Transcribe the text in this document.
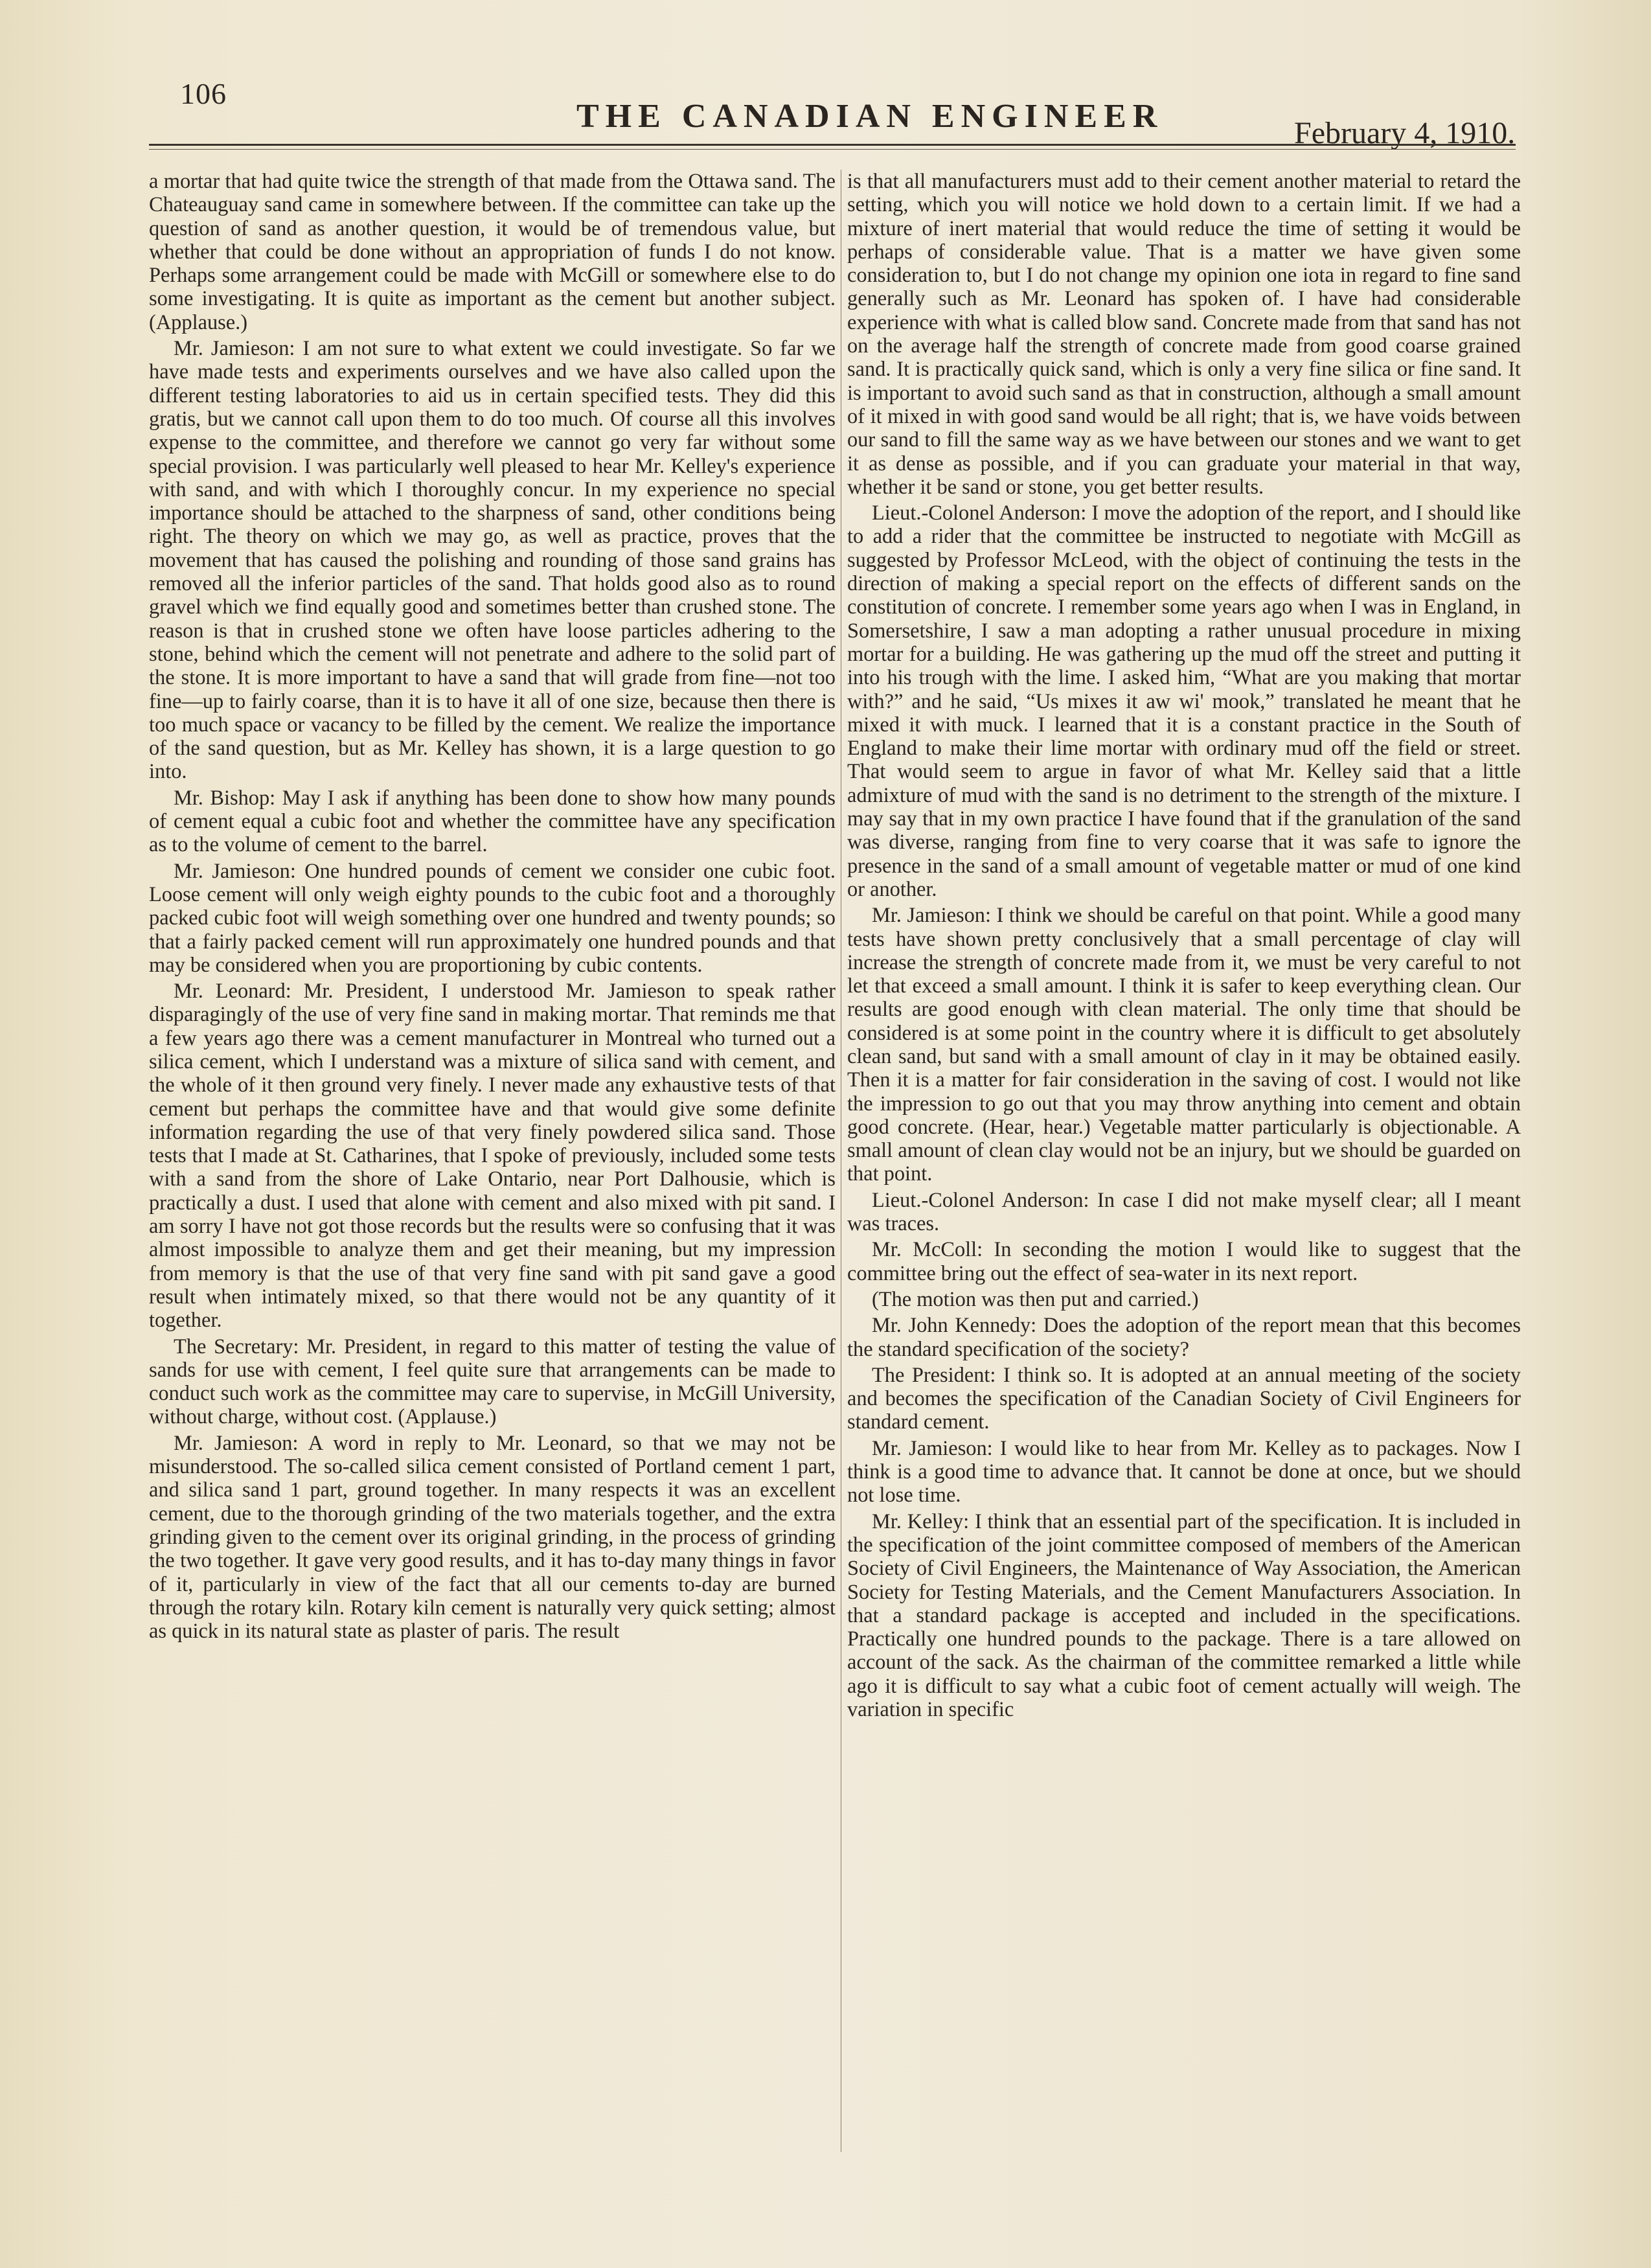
106
THE CANADIAN ENGINEER	February 4, 1910.

a mortar that had quite twice the strength of that made from the Ottawa sand. The Chateauguay sand came in somewhere between. If the committee can take up the question of sand as another question, it would be of tremendous value, but whether that could be done without an appropriation of funds I do not know. Perhaps some arrangement could be made with McGill or somewhere else to do some investigating. It is quite as important as the cement but another subject. (Applause.)

Mr. Jamieson: I am not sure to what extent we could investigate. So far we have made tests and experiments ourselves and we have also called upon the different testing laboratories to aid us in certain specified tests. They did this gratis, but we cannot call upon them to do too much. Of course all this involves expense to the committee, and therefore we cannot go very far without some special provision. I was particularly well pleased to hear Mr. Kelley's experience with sand, and with which I thoroughly concur. In my experience no special importance should be attached to the sharpness of sand, other conditions being right. The theory on which we may go, as well as practice, proves that the movement that has caused the polishing and rounding of those sand grains has removed all the inferior particles of the sand. That holds good also as to round gravel which we find equally good and sometimes better than crushed stone. The reason is that in crushed stone we often have loose particles adhering to the stone, behind which the cement will not penetrate and adhere to the solid part of the stone. It is more important to have a sand that will grade from fine—not too fine—up to fairly coarse, than it is to have it all of one size, because then there is too much space or vacancy to be filled by the cement. We realize the importance of the sand question, but as Mr. Kelley has shown, it is a large question to go into.

Mr. Bishop: May I ask if anything has been done to show how many pounds of cement equal a cubic foot and whether the committee have any specification as to the volume of cement to the barrel.

Mr. Jamieson: One hundred pounds of cement we consider one cubic foot. Loose cement will only weigh eighty pounds to the cubic foot and a thoroughly packed cubic foot will weigh something over one hundred and twenty pounds; so that a fairly packed cement will run approximately one hundred pounds and that may be considered when you are proportioning by cubic contents.

Mr. Leonard: Mr. President, I understood Mr. Jamieson to speak rather disparagingly of the use of very fine sand in making mortar. That reminds me that a few years ago there was a cement manufacturer in Montreal who turned out a silica cement, which I understand was a mixture of silica sand with cement, and the whole of it then ground very finely. I never made any exhaustive tests of that cement but perhaps the committee have and that would give some definite information regarding the use of that very finely powdered silica sand. Those tests that I made at St. Catharines, that I spoke of previously, included some tests with a sand from the shore of Lake Ontario, near Port Dalhousie, which is practically a dust. I used that alone with cement and also mixed with pit sand. I am sorry I have not got those records but the results were so confusing that it was almost impossible to analyze them and get their meaning, but my impression from memory is that the use of that very fine sand with pit sand gave a good result when intimately mixed, so that there would not be any quantity of it together.

The Secretary: Mr. President, in regard to this matter of testing the value of sands for use with cement, I feel quite sure that arrangements can be made to conduct such work as the committee may care to supervise, in McGill University, without charge, without cost. (Applause.)

Mr. Jamieson: A word in reply to Mr. Leonard, so that we may not be misunderstood. The so-called silica cement consisted of Portland cement 1 part, and silica sand 1 part, ground together. In many respects it was an excellent cement, due to the thorough grinding of the two materials together, and the extra grinding given to the cement over its original grinding, in the process of grinding the two together. It gave very good results, and it has to-day many things in favor of it, particularly in view of the fact that all our cements to-day are burned through the rotary kiln. Rotary kiln cement is naturally very quick setting; almost as quick in its natural state as plaster of paris. The result

is that all manufacturers must add to their cement another material to retard the setting, which you will notice we hold down to a certain limit. If we had a mixture of inert material that would reduce the time of setting it would be perhaps of considerable value. That is a matter we have given some consideration to, but I do not change my opinion one iota in regard to fine sand generally such as Mr. Leonard has spoken of. I have had considerable experience with what is called blow sand. Concrete made from that sand has not on the average half the strength of concrete made from good coarse grained sand. It is practically quick sand, which is only a very fine silica or fine sand. It is important to avoid such sand as that in construction, although a small amount of it mixed in with good sand would be all right; that is, we have voids between our sand to fill the same way as we have between our stones and we want to get it as dense as possible, and if you can graduate your material in that way, whether it be sand or stone, you get better results.

Lieut.-Colonel Anderson: I move the adoption of the report, and I should like to add a rider that the committee be instructed to negotiate with McGill as suggested by Professor McLeod, with the object of continuing the tests in the direction of making a special report on the effects of different sands on the constitution of concrete. I remember some years ago when I was in England, in Somersetshire, I saw a man adopting a rather unusual procedure in mixing mortar for a building. He was gathering up the mud off the street and putting it into his trough with the lime. I asked him, “What are you making that mortar with?” and he said, “Us mixes it aw wi' mook,” translated he meant that he mixed it with muck. I learned that it is a constant practice in the South of England to make their lime mortar with ordinary mud off the field or street. That would seem to argue in favor of what Mr. Kelley said that a little admixture of mud with the sand is no detriment to the strength of the mixture. I may say that in my own practice I have found that if the granulation of the sand was diverse, ranging from fine to very coarse that it was safe to ignore the presence in the sand of a small amount of vegetable matter or mud of one kind or another.

Mr. Jamieson: I think we should be careful on that point. While a good many tests have shown pretty conclusively that a small percentage of clay will increase the strength of concrete made from it, we must be very careful to not let that exceed a small amount. I think it is safer to keep everything clean. Our results are good enough with clean material. The only time that should be considered is at some point in the country where it is difficult to get absolutely clean sand, but sand with a small amount of clay in it may be obtained easily. Then it is a matter for fair consideration in the saving of cost. I would not like the impression to go out that you may throw anything into cement and obtain good concrete. (Hear, hear.) Vegetable matter particularly is objectionable. A small amount of clean clay would not be an injury, but we should be guarded on that point.

Lieut.-Colonel Anderson: In case I did not make myself clear; all I meant was traces.

Mr. McColl: In seconding the motion I would like to suggest that the committee bring out the effect of sea-water in its next report.

(The motion was then put and carried.)

Mr. John Kennedy: Does the adoption of the report mean that this becomes the standard specification of the society?

The President: I think so. It is adopted at an annual meeting of the society and becomes the specification of the Canadian Society of Civil Engineers for standard cement.

Mr. Jamieson: I would like to hear from Mr. Kelley as to packages. Now I think is a good time to advance that. It cannot be done at once, but we should not lose time.

Mr. Kelley: I think that an essential part of the specification. It is included in the specification of the joint committee composed of members of the American Society of Civil Engineers, the Maintenance of Way Association, the American Society for Testing Materials, and the Cement Manufacturers Association. In that a standard package is accepted and included in the specifications. Practically one hundred pounds to the package. There is a tare allowed on account of the sack. As the chairman of the committee remarked a little while ago it is difficult to say what a cubic foot of cement actually will weigh. The variation in specific
